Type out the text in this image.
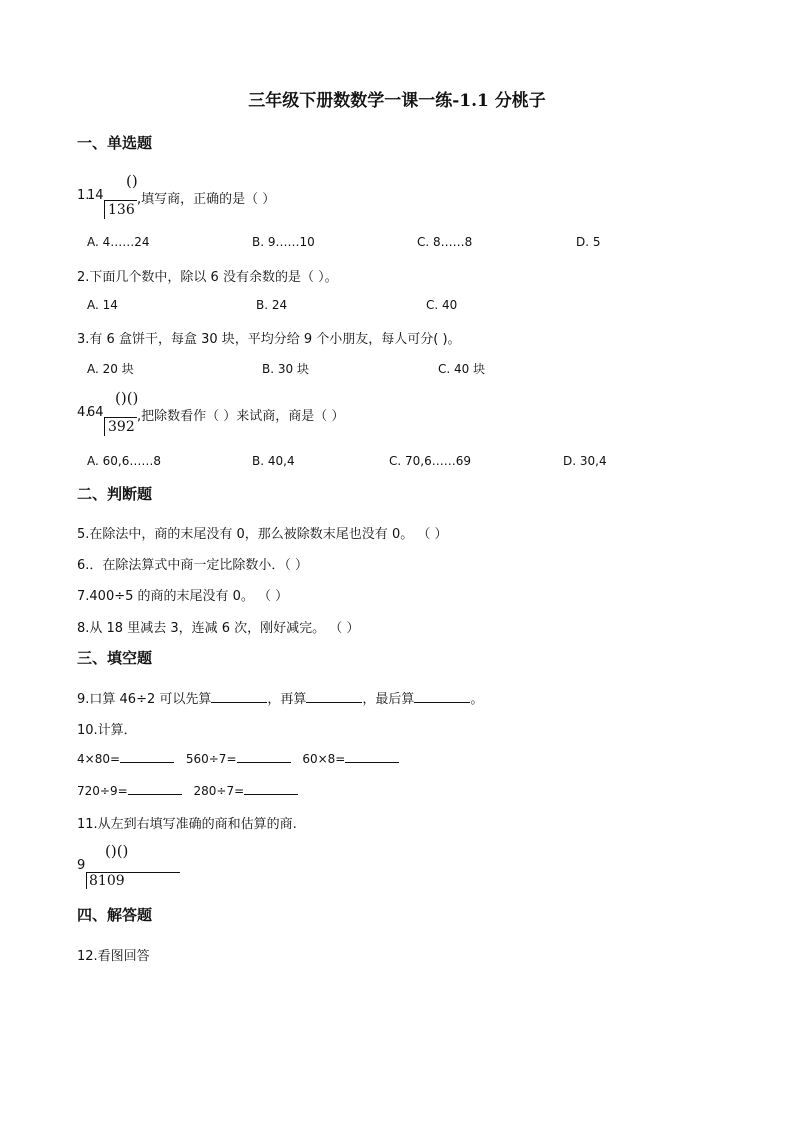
三年级下册数数学一课一练-1.1 分桃子
一、单选题
1.
14
()
136
,填写商，正确的是（ ）
A. 4……24	B. 9……10	C. 8……8	D. 5
2.下面几个数中，除以 6 没有余数的是（ ）。
A. 14	B. 24	C. 40
3.有 6 盒饼干，每盒 30 块，平均分给 9 个小朋友，每人可分( )。
A. 20 块	B. 30 块	C. 40 块
4.
64
()()
392
,把除数看作（ ）来试商，商是（ ）
A. 60,6……8	B. 40,4	C. 70,6……69	D. 30,4
二、判断题
5.在除法中，商的末尾没有 0，那么被除数末尾也没有 0。 （ ）
6.．在除法算式中商一定比除数小．（ ）
7.400÷5 的商的末尾没有 0。 （ ）
8.从 18 里减去 3，连减 6 次，刚好减完。 （ ）
三、填空题
9.口算 46÷2 可以先算	，再算	，最后算	。
10.计算．
4×80=	560÷7=	60×8=
720÷9=	280÷7=
11.从左到右填写准确的商和估算的商.
9
()()
8109
四、解答题
12.看图回答
